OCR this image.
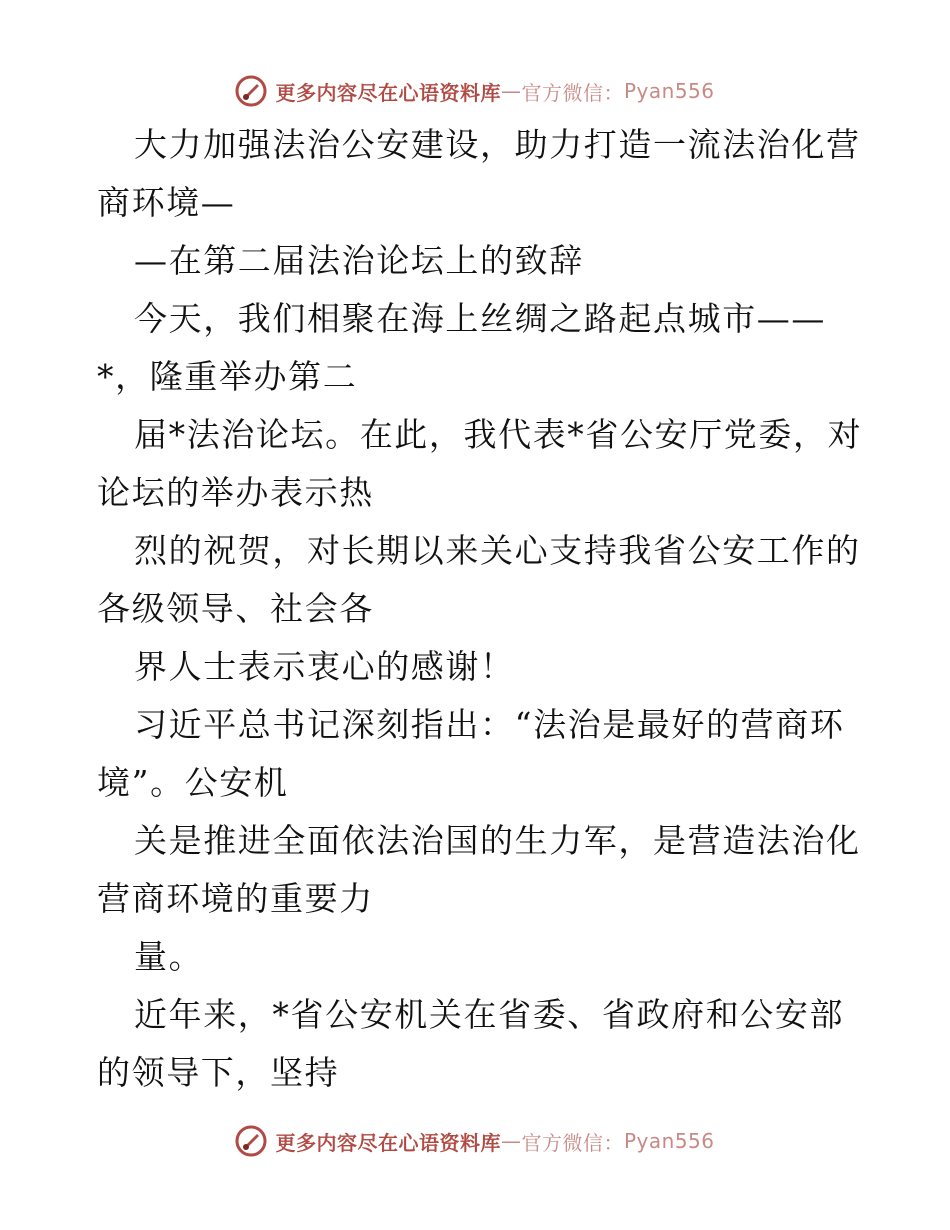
更多内容尽在心语资料库 — 官方微信： Pyan556
大力加强法治公安建设，助力打造一流法治化营
商环境—
—在第二届法治论坛上的致辞
今天，我们相聚在海上丝绸之路起点城市——
*，隆重举办第二
届*法治论坛。在此，我代表*省公安厅党委，对
论坛的举办表示热
烈的祝贺，对长期以来关心支持我省公安工作的
各级领导、社会各
界人士表示衷心的感谢！
习近平总书记深刻指出：“法治是最好的营商环
境”。公安机
关是推进全面依法治国的生力军，是营造法治化
营商环境的重要力
量。
近年来，*省公安机关在省委、省政府和公安部
的领导下，坚持
更多内容尽在心语资料库 — 官方微信： Pyan556
